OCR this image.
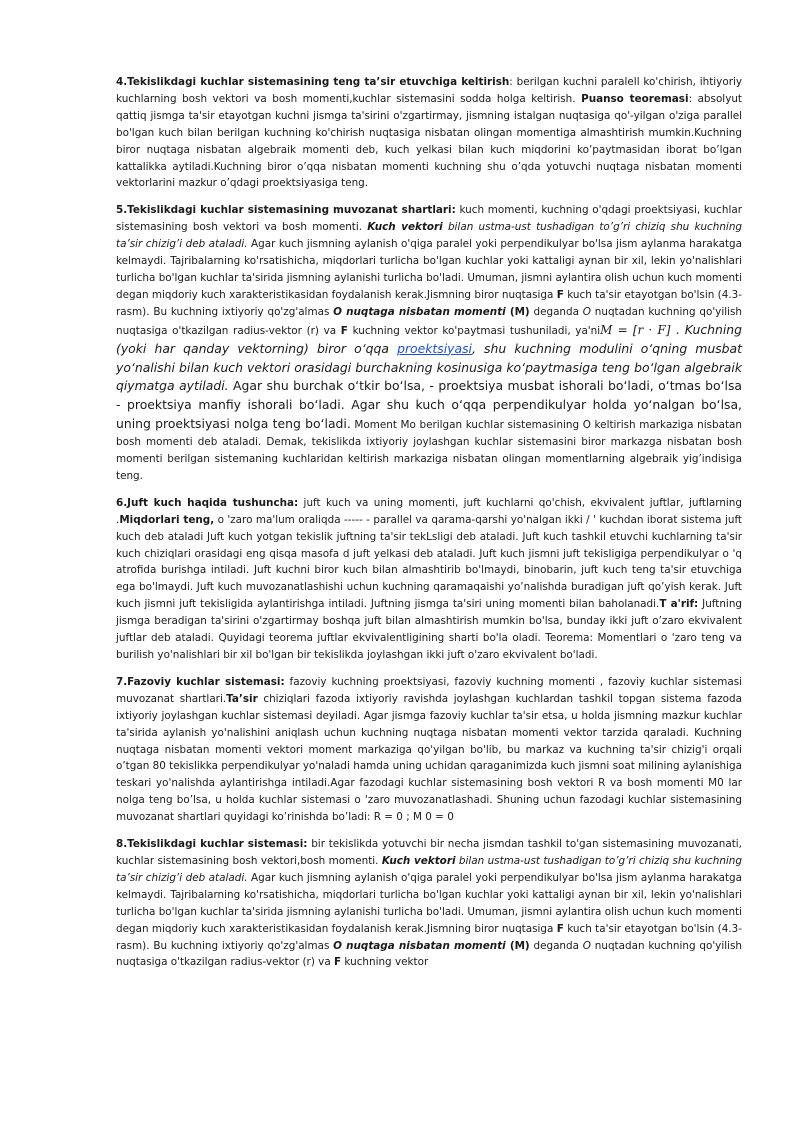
4.Tekislikdagi kuchlar sistemasining teng ta’sir etuvchiga keltirish: berilgan kuchni paralell ko'chirish, ihtiyoriy kuchlarning bosh vektori va bosh momenti,kuchlar sistemasini sodda holga keltirish. Puanso teoremasi: absolyut qattiq jismga ta'sir etayotgan kuchni jismga ta'sirini o'zgartirmay, jismning istalgan nuqtasiga qo'-yilgan o'ziga parallel bo'lgan kuch bilan berilgan kuchning ko'chirish nuqtasiga nisbatan olingan momentiga almashtirish mumkin.Kuchning biror nuqtaga nisbatan algebraik momenti deb, kuch yelkasi bilan kuch miqdorini ko’paytmasidan iborat bo’lgan kattalikka aytiladi.Kuchning biror o’qqa nisbatan momenti kuchning shu o’qda yotuvchi nuqtaga nisbatan momenti vektorlarini mazkur o’qdagi proektsiyasiga teng.

5.Tekislikdagi kuchlar sistemasining muvozanat shartlari: kuch momenti, kuchning o'qdagi proektsiyasi, kuchlar sistemasining bosh vektori va bosh momenti. Kuch vektori bilan ustma-ust tushadigan to’g’ri chiziq shu kuchning ta’sir chizig’i deb ataladi. Agar kuch jismning aylanish o'qiga paralel yoki perpendikulyar bo'lsa jism aylanma harakatga kelmaydi. Tajribalarning ko'rsatishicha, miqdorlari turlicha bo'lgan kuchlar yoki kattaligi aynan bir xil, lekin yo'nalishlari turlicha bo'lgan kuchlar ta'sirida jismning aylanishi turlicha bo'ladi. Umuman, jismni aylantira olish uchun kuch momenti degan miqdoriy kuch xarakteristikasidan foydalanish kerak.Jismning biror nuqtasiga F kuch ta'sir etayotgan bo'lsin (4.3-rasm). Bu kuchning ixtiyoriy qo'zg'almas O nuqtaga nisbatan momenti (M) deganda O nuqtadan kuchning qo'yilish nuqtasiga o'tkazilgan radius-vektor (r) va F kuchning vektor ko'paytmasi tushuniladi, ya'niM = [r · F] . Kuchning (yoki har qanday vektorning) biror o‘qqa proektsiyasi, shu kuchning modulini o‘qning musbat yo‘nalishi bilan kuch vektori orasidagi burchakning kosinusiga ko‘paytmasiga teng bo‘lgan algebraik qiymatga aytiladi. Agar shu burchak o‘tkir bo‘lsa, - proektsiya musbat ishorali bo‘ladi, o‘tmas bo‘lsa - proektsiya manfiy ishorali bo‘ladi. Agar shu kuch o‘qqa perpendikulyar holda yo‘nalgan bo‘lsa, uning proektsiyasi nolga teng bo‘ladi. Moment Mo berilgan kuchlar sistemasining O keltirish markaziga nisbatan bosh momenti deb ataladi. Demak, tekislikda ixtiyoriy joylashgan kuchlar sistemasini biror markazga nisbatan bosh momenti berilgan sistemaning kuchlaridan keltirish markaziga nisbatan olingan momentlarning algebraik yig’indisiga teng.

6.Juft kuch haqida tushuncha: juft kuch va uning momenti, juft kuchlarni qo'chish, ekvivalent juftlar, juftlarning .Miqdorlari teng, o 'zaro ma'lum oraliqda ----- - parallel va qarama-qarshi yo'nalgan ikki / ' kuchdan iborat sistema juft kuch deb ataladi Juft kuch yotgan tekislik juftning ta'sir tekLsligi deb ataladi. Juft kuch tashkil etuvchi kuchlarning ta'sir kuch chiziqlari orasidagi eng qisqa masofa d juft yelkasi deb ataladi. Juft kuch jismni juft tekisligiga perpendikulyar o 'q atrofida burishga intiladi. Juft kuchni biror kuch bilan almashtirib bo'lmaydi, binobarin, juft kuch teng ta'sir etuvchiga ega bo'lmaydi. Juft kuch muvozanatlashishi uchun kuchning qaramaqaishi yo’nalishda buradigan juft qo’yish kerak. Juft kuch jismni juft tekisligida aylantirishga intiladi. Juftning jismga ta'siri uning momenti bilan baholanadi.T a'rif: Juftning jismga beradigan ta'sirini o'zgartirmay boshqa juft bilan almashtirish mumkin bo'lsa, bunday ikki juft o’zaro ekvivalent juftlar deb ataladi. Quyidagi teorema juftlar ekvivalentligining sharti bo'la oladi. Teorema: Momentlari o 'zaro teng va burilish yo'nalishlari bir xil bo'lgan bir tekislikda joylashgan ikki juft o'zaro ekvivalent bo'ladi.

7.Fazoviy kuchlar sistemasi: fazoviy kuchning proektsiyasi, fazoviy kuchning momenti , fazoviy kuchlar sistemasi muvozanat shartlari.Ta’sir chiziqlari fazoda ixtiyoriy ravishda joylashgan kuchlardan tashkil topgan sistema fazoda ixtiyoriy joylashgan kuchlar sistemasi deyiladi. Agar jismga fazoviy kuchlar ta'sir etsa, u holda jismning mazkur kuchlar ta'sirida aylanish yo'nalishini aniqlash uchun kuchning nuqtaga nisbatan momenti vektor tarzida qaraladi. Kuchning nuqtaga nisbatan momenti vektori moment markaziga qo'yilgan bo'lib, bu markaz va kuchning ta'sir chizig'i orqali o’tgan 80 tekislikka perpendikulyar yo'naladi hamda uning uchidan qaraganimizda kuch jismni soat milining aylanishiga teskari yo'nalishda aylantirishga intiladi.Agar fazodagi kuchlar sistemasining bosh vektori R va bosh momenti M0 lar nolga teng bo’lsa, u holda kuchlar sistemasi o 'zaro muvozanatlashadi. Shuning uchun fazodagi kuchlar sistemasining muvozanat shartlari quyidagi ko’rinishda bo’ladi: R = 0 ; M 0 = 0

8.Tekislikdagi kuchlar sistemasi: bir tekislikda yotuvchi bir necha jismdan tashkil to'gan sistemasining muvozanati, kuchlar sistemasining bosh vektori,bosh momenti. Kuch vektori bilan ustma-ust tushadigan to’g’ri chiziq shu kuchning ta’sir chizig’i deb ataladi. Agar kuch jismning aylanish o'qiga paralel yoki perpendikulyar bo'lsa jism aylanma harakatga kelmaydi. Tajribalarning ko'rsatishicha, miqdorlari turlicha bo'lgan kuchlar yoki kattaligi aynan bir xil, lekin yo'nalishlari turlicha bo'lgan kuchlar ta'sirida jismning aylanishi turlicha bo'ladi. Umuman, jismni aylantira olish uchun kuch momenti degan miqdoriy kuch xarakteristikasidan foydalanish kerak.Jismning biror nuqtasiga F kuch ta'sir etayotgan bo'lsin (4.3-rasm). Bu kuchning ixtiyoriy qo'zg'almas O nuqtaga nisbatan momenti (M) deganda O nuqtadan kuchning qo'yilish nuqtasiga o'tkazilgan radius-vektor (r) va F kuchning vektor
